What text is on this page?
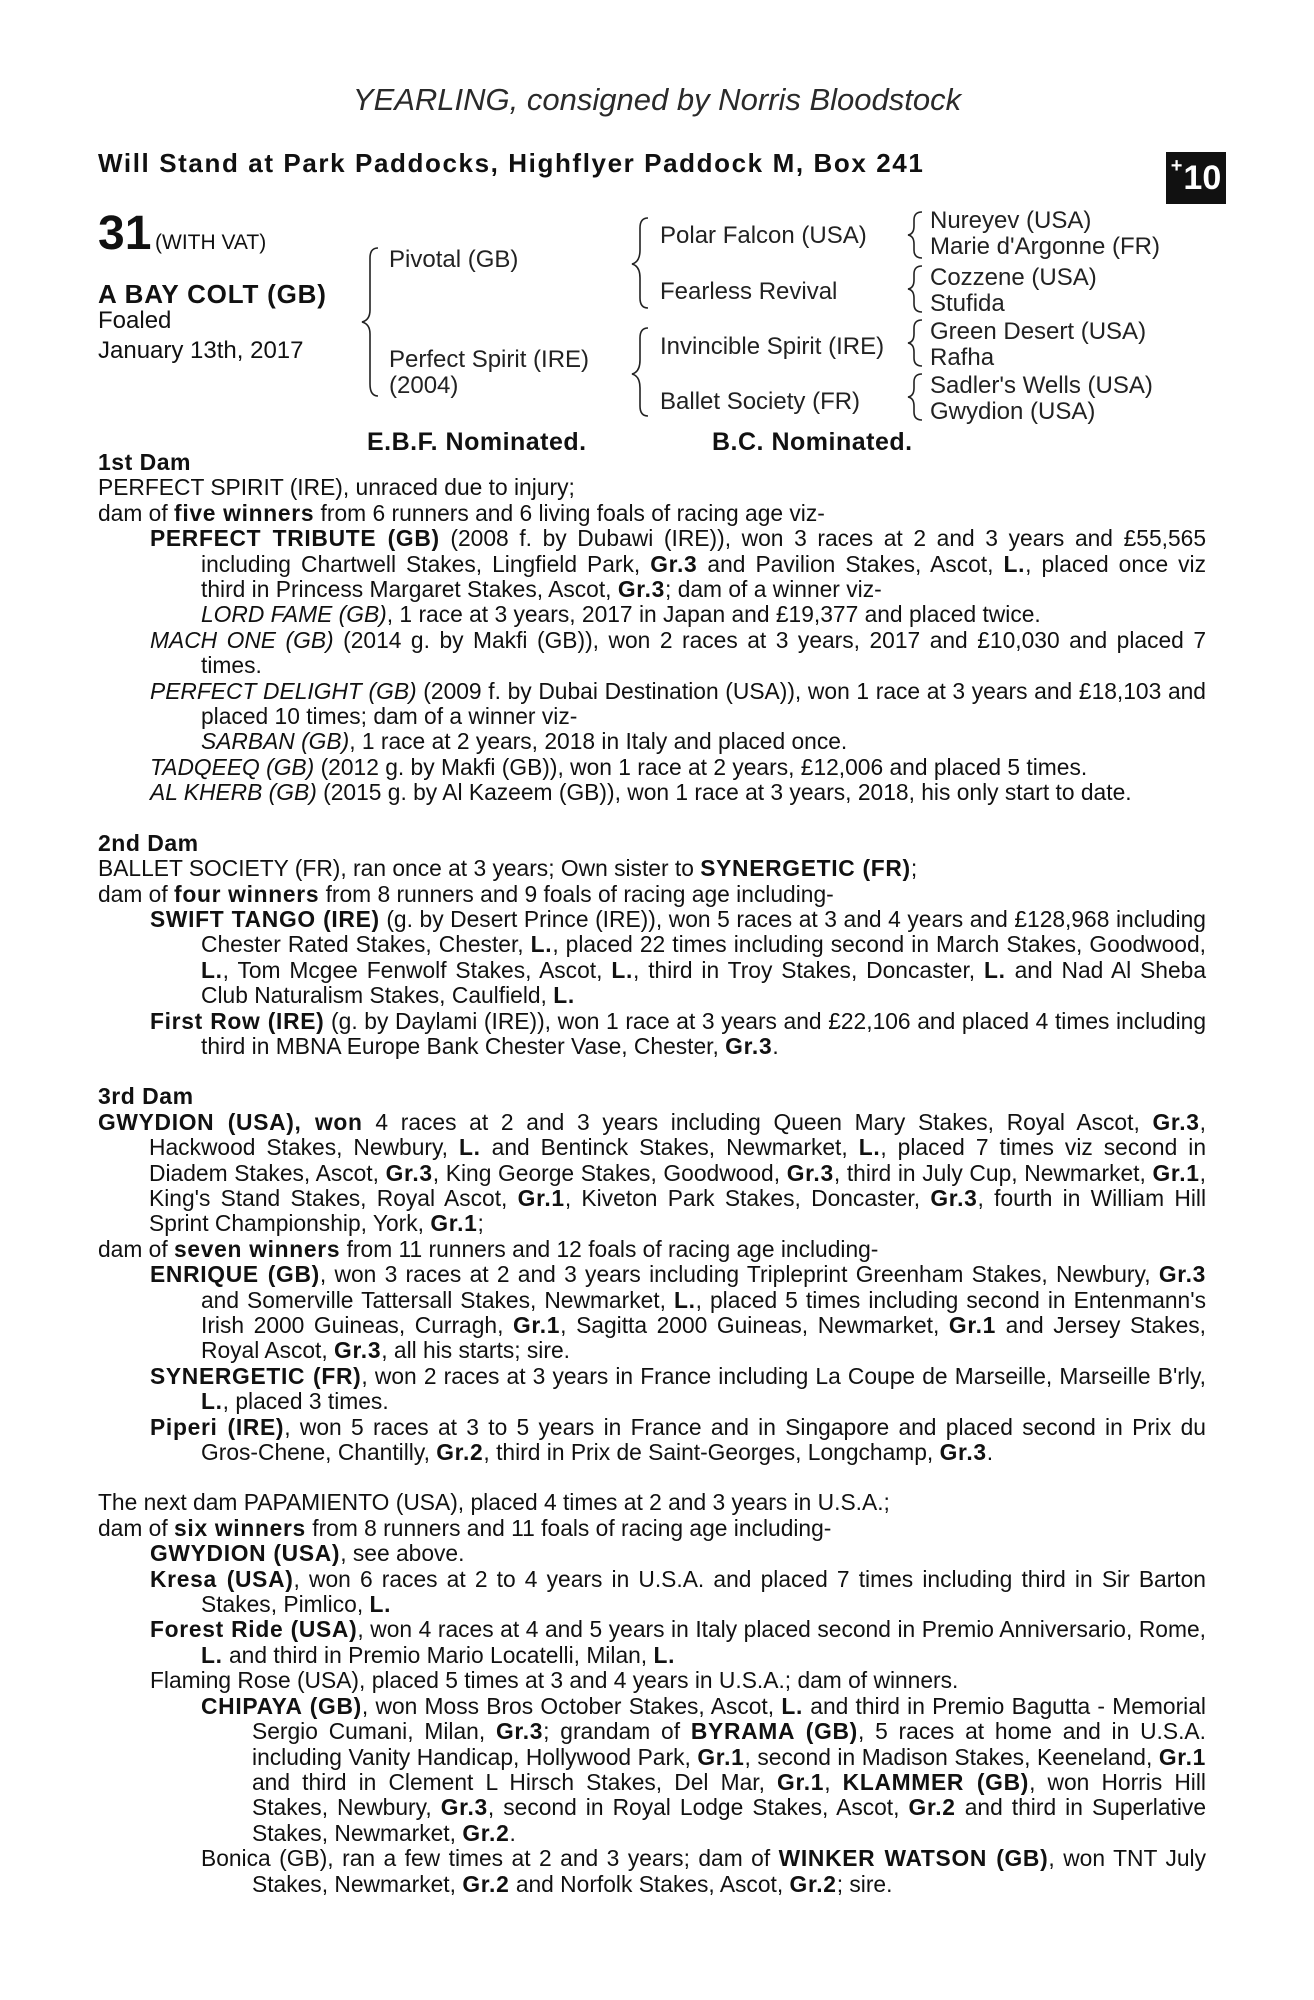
YEARLING, consigned by Norris Bloodstock
Will Stand at Park Paddocks, Highflyer Paddock M, Box 241	+ 10
31 (WITH VAT)
A BAY COLT (GB)
Foaled
January 13th, 2017
Pivotal (GB)
Perfect Spirit (IRE)
(2004)
Polar Falcon (USA)
Fearless Revival
Invincible Spirit (IRE)
Ballet Society (FR)
Nureyev (USA)
Marie d'Argonne (FR)
Cozzene (USA)
Stufida
Green Desert (USA)
Rafha
Sadler's Wells (USA)
Gwydion (USA)
E.B.F. Nominated.	B.C. Nominated.
1st Dam
PERFECT SPIRIT (IRE), unraced due to injury;
dam of five winners from 6 runners and 6 living foals of racing age viz-
PERFECT TRIBUTE (GB) (2008 f. by Dubawi (IRE)), won 3 races at 2 and 3 years and £55,565 including Chartwell Stakes, Lingfield Park, Gr.3 and Pavilion Stakes, Ascot, L., placed once viz third in Princess Margaret Stakes, Ascot, Gr.3; dam of a winner viz-
LORD FAME (GB), 1 race at 3 years, 2017 in Japan and £19,377 and placed twice.
MACH ONE (GB) (2014 g. by Makfi (GB)), won 2 races at 3 years, 2017 and £10,030 and placed 7 times.
PERFECT DELIGHT (GB) (2009 f. by Dubai Destination (USA)), won 1 race at 3 years and £18,103 and placed 10 times; dam of a winner viz-
SARBAN (GB), 1 race at 2 years, 2018 in Italy and placed once.
TADQEEQ (GB) (2012 g. by Makfi (GB)), won 1 race at 2 years, £12,006 and placed 5 times.
AL KHERB (GB) (2015 g. by Al Kazeem (GB)), won 1 race at 3 years, 2018, his only start to date.
2nd Dam
BALLET SOCIETY (FR), ran once at 3 years; Own sister to SYNERGETIC (FR);
dam of four winners from 8 runners and 9 foals of racing age including-
SWIFT TANGO (IRE) (g. by Desert Prince (IRE)), won 5 races at 3 and 4 years and £128,968 including Chester Rated Stakes, Chester, L., placed 22 times including second in March Stakes, Goodwood, L., Tom Mcgee Fenwolf Stakes, Ascot, L., third in Troy Stakes, Doncaster, L. and Nad Al Sheba Club Naturalism Stakes, Caulfield, L.
First Row (IRE) (g. by Daylami (IRE)), won 1 race at 3 years and £22,106 and placed 4 times including third in MBNA Europe Bank Chester Vase, Chester, Gr.3.
3rd Dam
GWYDION (USA), won 4 races at 2 and 3 years including Queen Mary Stakes, Royal Ascot, Gr.3, Hackwood Stakes, Newbury, L. and Bentinck Stakes, Newmarket, L., placed 7 times viz second in Diadem Stakes, Ascot, Gr.3, King George Stakes, Goodwood, Gr.3, third in July Cup, Newmarket, Gr.1, King's Stand Stakes, Royal Ascot, Gr.1, Kiveton Park Stakes, Doncaster, Gr.3, fourth in William Hill Sprint Championship, York, Gr.1;
dam of seven winners from 11 runners and 12 foals of racing age including-
ENRIQUE (GB), won 3 races at 2 and 3 years including Tripleprint Greenham Stakes, Newbury, Gr.3 and Somerville Tattersall Stakes, Newmarket, L., placed 5 times including second in Entenmann's Irish 2000 Guineas, Curragh, Gr.1, Sagitta 2000 Guineas, Newmarket, Gr.1 and Jersey Stakes, Royal Ascot, Gr.3, all his starts; sire.
SYNERGETIC (FR), won 2 races at 3 years in France including La Coupe de Marseille, Marseille B'rly, L., placed 3 times.
Piperi (IRE), won 5 races at 3 to 5 years in France and in Singapore and placed second in Prix du Gros-Chene, Chantilly, Gr.2, third in Prix de Saint-Georges, Longchamp, Gr.3.
The next dam PAPAMIENTO (USA), placed 4 times at 2 and 3 years in U.S.A.;
dam of six winners from 8 runners and 11 foals of racing age including-
GWYDION (USA), see above.
Kresa (USA), won 6 races at 2 to 4 years in U.S.A. and placed 7 times including third in Sir Barton Stakes, Pimlico, L.
Forest Ride (USA), won 4 races at 4 and 5 years in Italy placed second in Premio Anniversario, Rome, L. and third in Premio Mario Locatelli, Milan, L.
Flaming Rose (USA), placed 5 times at 3 and 4 years in U.S.A.; dam of winners.
CHIPAYA (GB), won Moss Bros October Stakes, Ascot, L. and third in Premio Bagutta - Memorial Sergio Cumani, Milan, Gr.3; grandam of BYRAMA (GB), 5 races at home and in U.S.A. including Vanity Handicap, Hollywood Park, Gr.1, second in Madison Stakes, Keeneland, Gr.1 and third in Clement L Hirsch Stakes, Del Mar, Gr.1, KLAMMER (GB), won Horris Hill Stakes, Newbury, Gr.3, second in Royal Lodge Stakes, Ascot, Gr.2 and third in Superlative Stakes, Newmarket, Gr.2.
Bonica (GB), ran a few times at 2 and 3 years; dam of WINKER WATSON (GB), won TNT July Stakes, Newmarket, Gr.2 and Norfolk Stakes, Ascot, Gr.2; sire.
